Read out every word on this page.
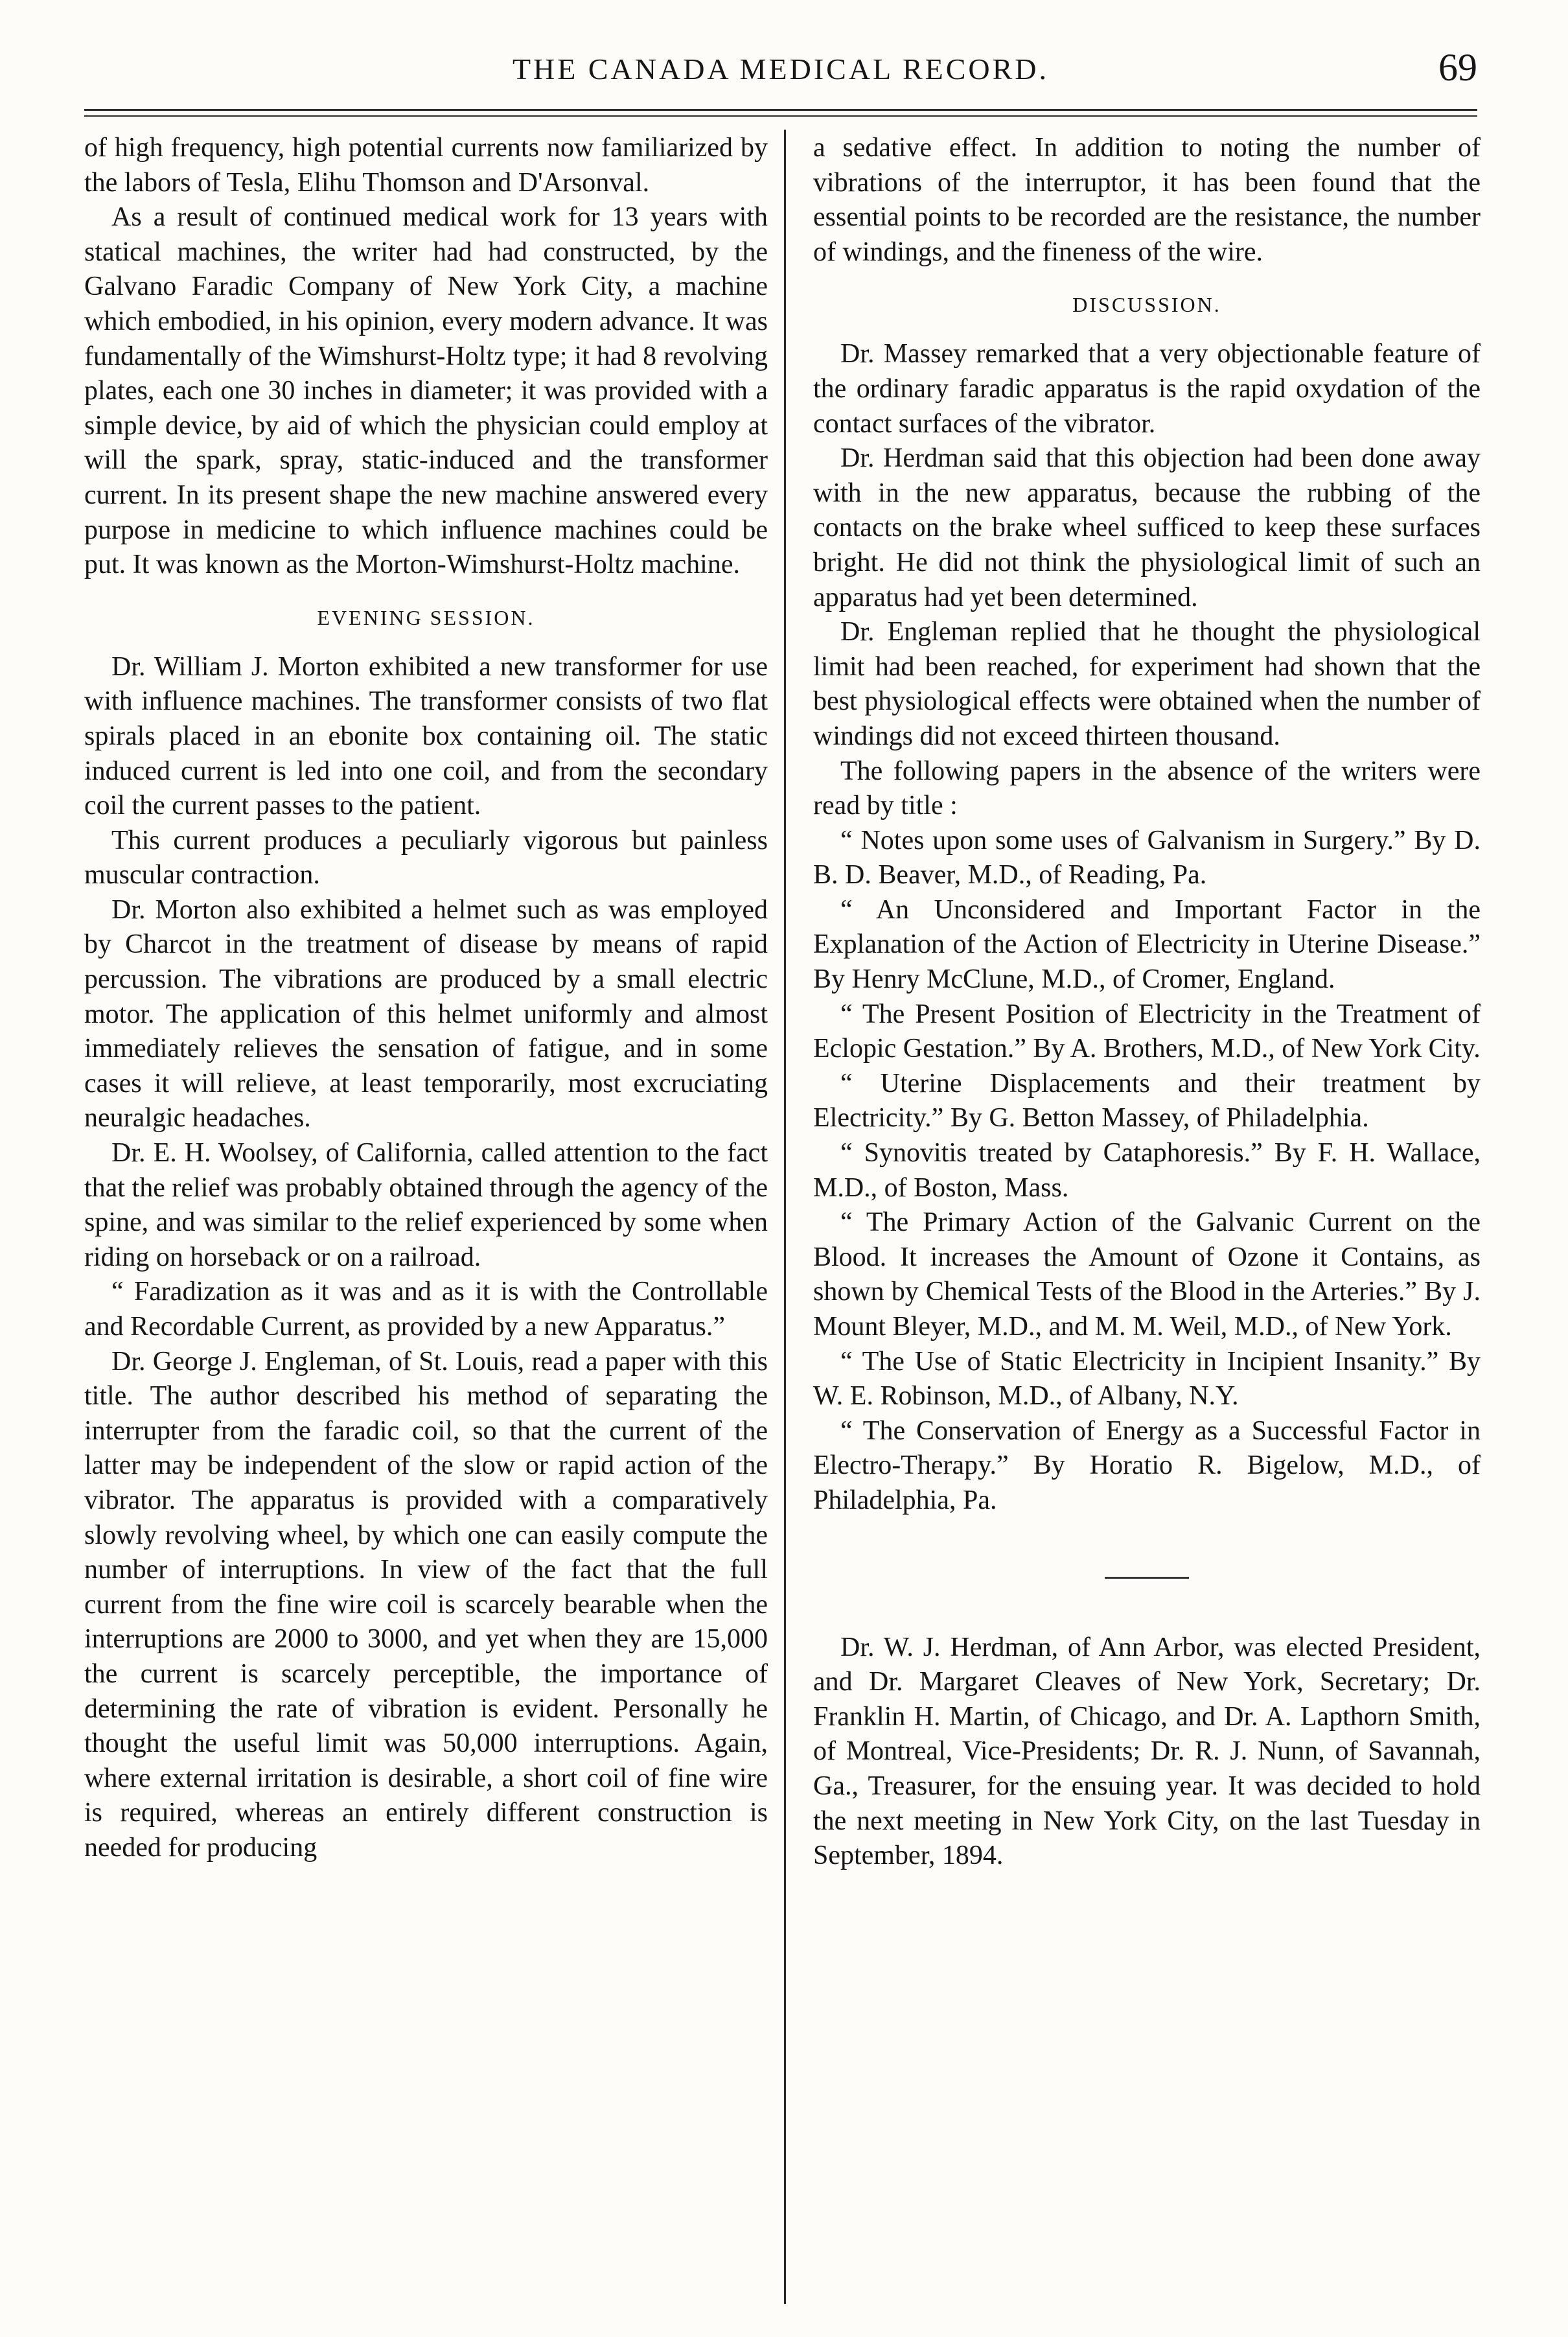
THE CANADA MEDICAL RECORD.	69

of high frequency, high potential currents now familiarized by the labors of Tesla, Elihu Thomson and D'Arsonval.

As a result of continued medical work for 13 years with statical machines, the writer had had constructed, by the Galvano Faradic Company of New York City, a machine which embodied, in his opinion, every modern advance. It was fundamentally of the Wimshurst-Holtz type; it had 8 revolving plates, each one 30 inches in diameter; it was provided with a simple device, by aid of which the physician could employ at will the spark, spray, static-induced and the transformer current. In its present shape the new machine answered every purpose in medicine to which influence machines could be put. It was known as the Morton-Wimshurst-Holtz machine.

EVENING SESSION.

Dr. William J. Morton exhibited a new transformer for use with influence machines. The transformer consists of two flat spirals placed in an ebonite box containing oil. The static induced current is led into one coil, and from the secondary coil the current passes to the patient.

This current produces a peculiarly vigorous but painless muscular contraction.

Dr. Morton also exhibited a helmet such as was employed by Charcot in the treatment of disease by means of rapid percussion. The vibrations are produced by a small electric motor. The application of this helmet uniformly and almost immediately relieves the sensation of fatigue, and in some cases it will relieve, at least temporarily, most excruciating neuralgic headaches.

Dr. E. H. Woolsey, of California, called attention to the fact that the relief was probably obtained through the agency of the spine, and was similar to the relief experienced by some when riding on horseback or on a railroad.

“ Faradization as it was and as it is with the Controllable and Recordable Current, as provided by a new Apparatus.”

Dr. George J. Engleman, of St. Louis, read a paper with this title. The author described his method of separating the interrupter from the faradic coil, so that the current of the latter may be independent of the slow or rapid action of the vibrator. The apparatus is provided with a comparatively slowly revolving wheel, by which one can easily compute the number of interruptions. In view of the fact that the full current from the fine wire coil is scarcely bearable when the interruptions are 2000 to 3000, and yet when they are 15,000 the current is scarcely perceptible, the importance of determining the rate of vibration is evident. Personally he thought the useful limit was 50,000 interruptions. Again, where external irritation is desirable, a short coil of fine wire is required, whereas an entirely different construction is needed for producing

a sedative effect. In addition to noting the number of vibrations of the interruptor, it has been found that the essential points to be recorded are the resistance, the number of windings, and the fineness of the wire.

DISCUSSION.

Dr. Massey remarked that a very objectionable feature of the ordinary faradic apparatus is the rapid oxydation of the contact surfaces of the vibrator.

Dr. Herdman said that this objection had been done away with in the new apparatus, because the rubbing of the contacts on the brake wheel sufficed to keep these surfaces bright. He did not think the physiological limit of such an apparatus had yet been determined.

Dr. Engleman replied that he thought the physiological limit had been reached, for experiment had shown that the best physiological effects were obtained when the number of windings did not exceed thirteen thousand.

The following papers in the absence of the writers were read by title :

“ Notes upon some uses of Galvanism in Surgery.” By D. B. D. Beaver, M.D., of Reading, Pa.

“ An Unconsidered and Important Factor in the Explanation of the Action of Electricity in Uterine Disease.” By Henry McClune, M.D., of Cromer, England.

“ The Present Position of Electricity in the Treatment of Eclopic Gestation.” By A. Brothers, M.D., of New York City.

“ Uterine Displacements and their treatment by Electricity.” By G. Betton Massey, of Philadelphia.

“ Synovitis treated by Cataphoresis.” By F. H. Wallace, M.D., of Boston, Mass.

“ The Primary Action of the Galvanic Current on the Blood. It increases the Amount of Ozone it Contains, as shown by Chemical Tests of the Blood in the Arteries.” By J. Mount Bleyer, M.D., and M. M. Weil, M.D., of New York.

“ The Use of Static Electricity in Incipient Insanity.” By W. E. Robinson, M.D., of Albany, N.Y.

“ The Conservation of Energy as a Successful Factor in Electro-Therapy.” By Horatio R. Bigelow, M.D., of Philadelphia, Pa.

Dr. W. J. Herdman, of Ann Arbor, was elected President, and Dr. Margaret Cleaves of New York, Secretary; Dr. Franklin H. Martin, of Chicago, and Dr. A. Lapthorn Smith, of Montreal, Vice-Presidents; Dr. R. J. Nunn, of Savannah, Ga., Treasurer, for the ensuing year. It was decided to hold the next meeting in New York City, on the last Tuesday in September, 1894.
